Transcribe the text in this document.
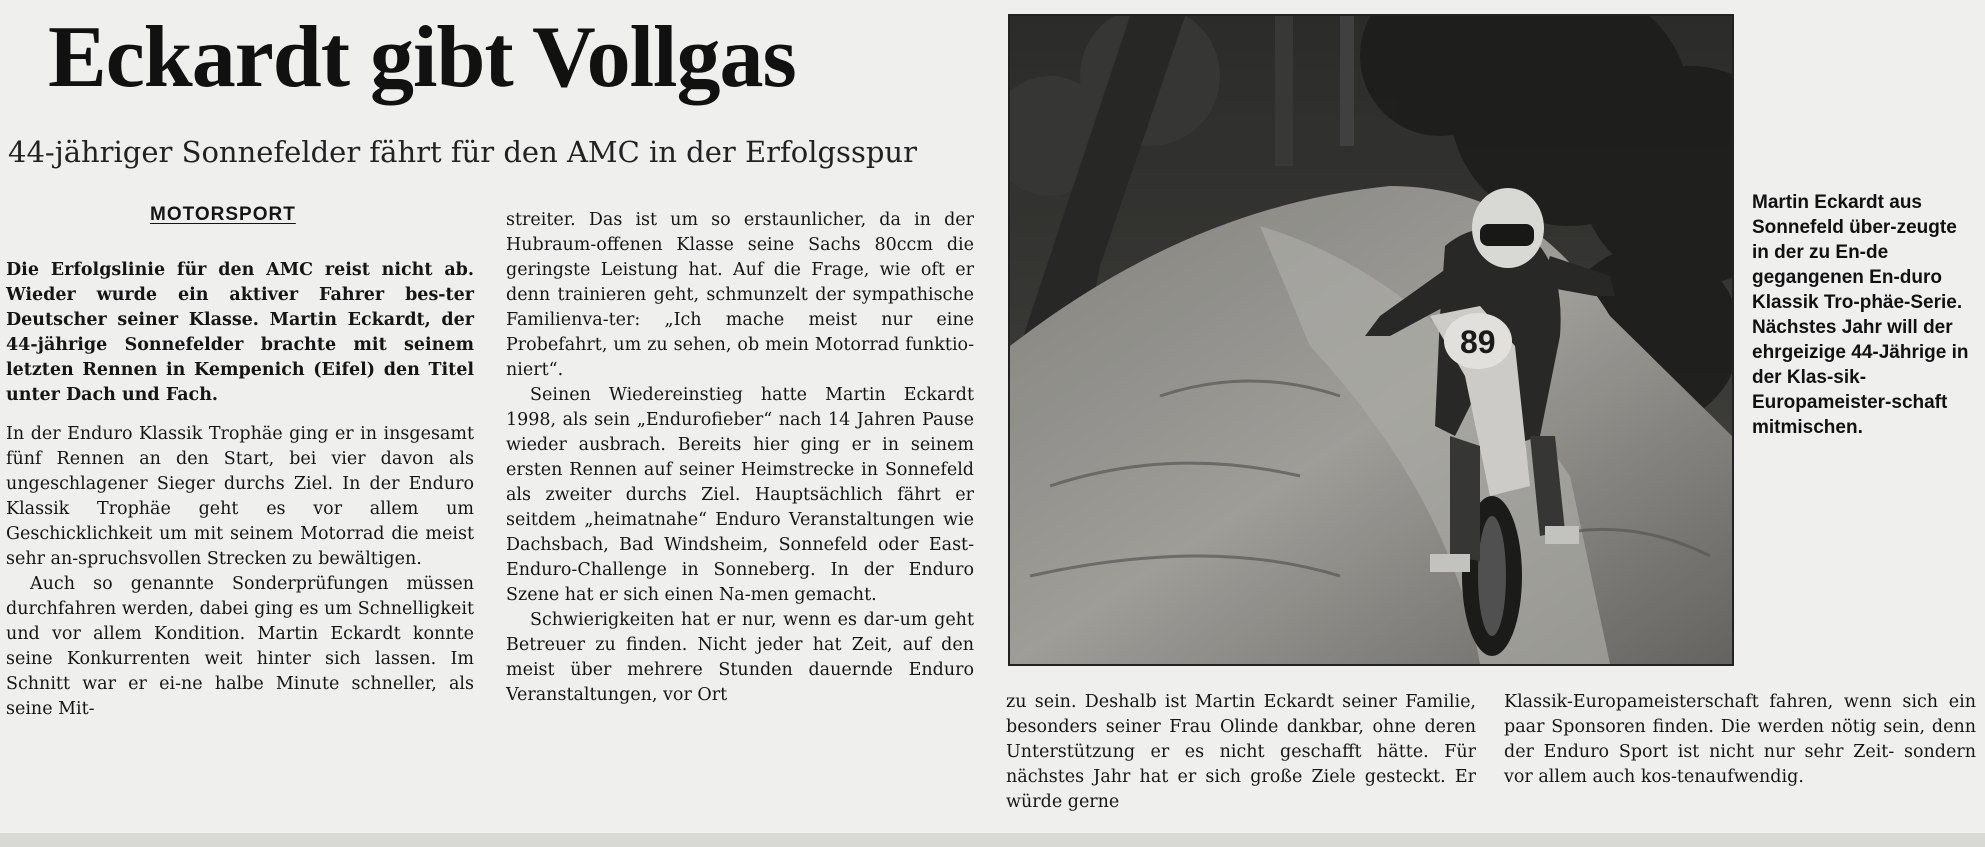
Eckardt gibt Vollgas
44-jähriger Sonnefelder fährt für den AMC in der Erfolgsspur
MOTORSPORT

Die Erfolgslinie für den AMC reist nicht ab. Wieder wurde ein aktiver Fahrer bes-ter Deutscher seiner Klasse. Martin Eckardt, der 44-jährige Sonnefelder brachte mit seinem letzten Rennen in Kempenich (Eifel) den Titel unter Dach und Fach.

In der Enduro Klassik Trophäe ging er in insgesamt fünf Rennen an den Start, bei vier davon als ungeschlagener Sieger durchs Ziel. In der Enduro Klassik Trophäe geht es vor allem um Geschicklichkeit um mit seinem Motorrad die meist sehr an-spruchsvollen Strecken zu bewältigen.

Auch so genannte Sonderprüfungen müssen durchfahren werden, dabei ging es um Schnelligkeit und vor allem Kondition. Martin Eckardt konnte seine Konkurrenten weit hinter sich lassen. Im Schnitt war er ei-ne halbe Minute schneller, als seine Mit-

streiter. Das ist um so erstaunlicher, da in der Hubraum-offenen Klasse seine Sachs 80ccm die geringste Leistung hat. Auf die Frage, wie oft er denn trainieren geht, schmunzelt der sympathische Familienva-ter: „Ich mache meist nur eine Probefahrt, um zu sehen, ob mein Motorrad funktio-niert“.

Seinen Wiedereinstieg hatte Martin Eckardt 1998, als sein „Endurofieber“ nach 14 Jahren Pause wieder ausbrach. Bereits hier ging er in seinem ersten Rennen auf seiner Heimstrecke in Sonnefeld als zweiter durchs Ziel. Hauptsächlich fährt er seitdem „heimatnahe“ Enduro Veranstaltungen wie Dachsbach, Bad Windsheim, Sonnefeld oder East-Enduro-Challenge in Sonneberg. In der Enduro Szene hat er sich einen Na-men gemacht.

Schwierigkeiten hat er nur, wenn es dar-um geht Betreuer zu finden. Nicht jeder hat Zeit, auf den meist über mehrere Stunden dauernde Enduro Veranstaltungen, vor Ort	zu sein. Deshalb ist Martin Eckardt seiner Familie, besonders seiner Frau Olinde dankbar, ohne deren Unterstützung er es nicht geschafft hätte. Für nächstes Jahr hat er sich große Ziele gesteckt. Er würde gerne

Klassik-Europameisterschaft fahren, wenn sich ein paar Sponsoren finden. Die werden nötig sein, denn der Enduro Sport ist nicht nur sehr Zeit- sondern vor allem auch kos-tenaufwendig.

89
Martin Eckardt aus Sonnefeld über-zeugte in der zu En-de gegangenen En-duro Klassik Tro-phäe-Serie. Nächstes Jahr will der ehrgeizige 44-Jährige in der Klas-sik-Europameister-schaft mitmischen.
